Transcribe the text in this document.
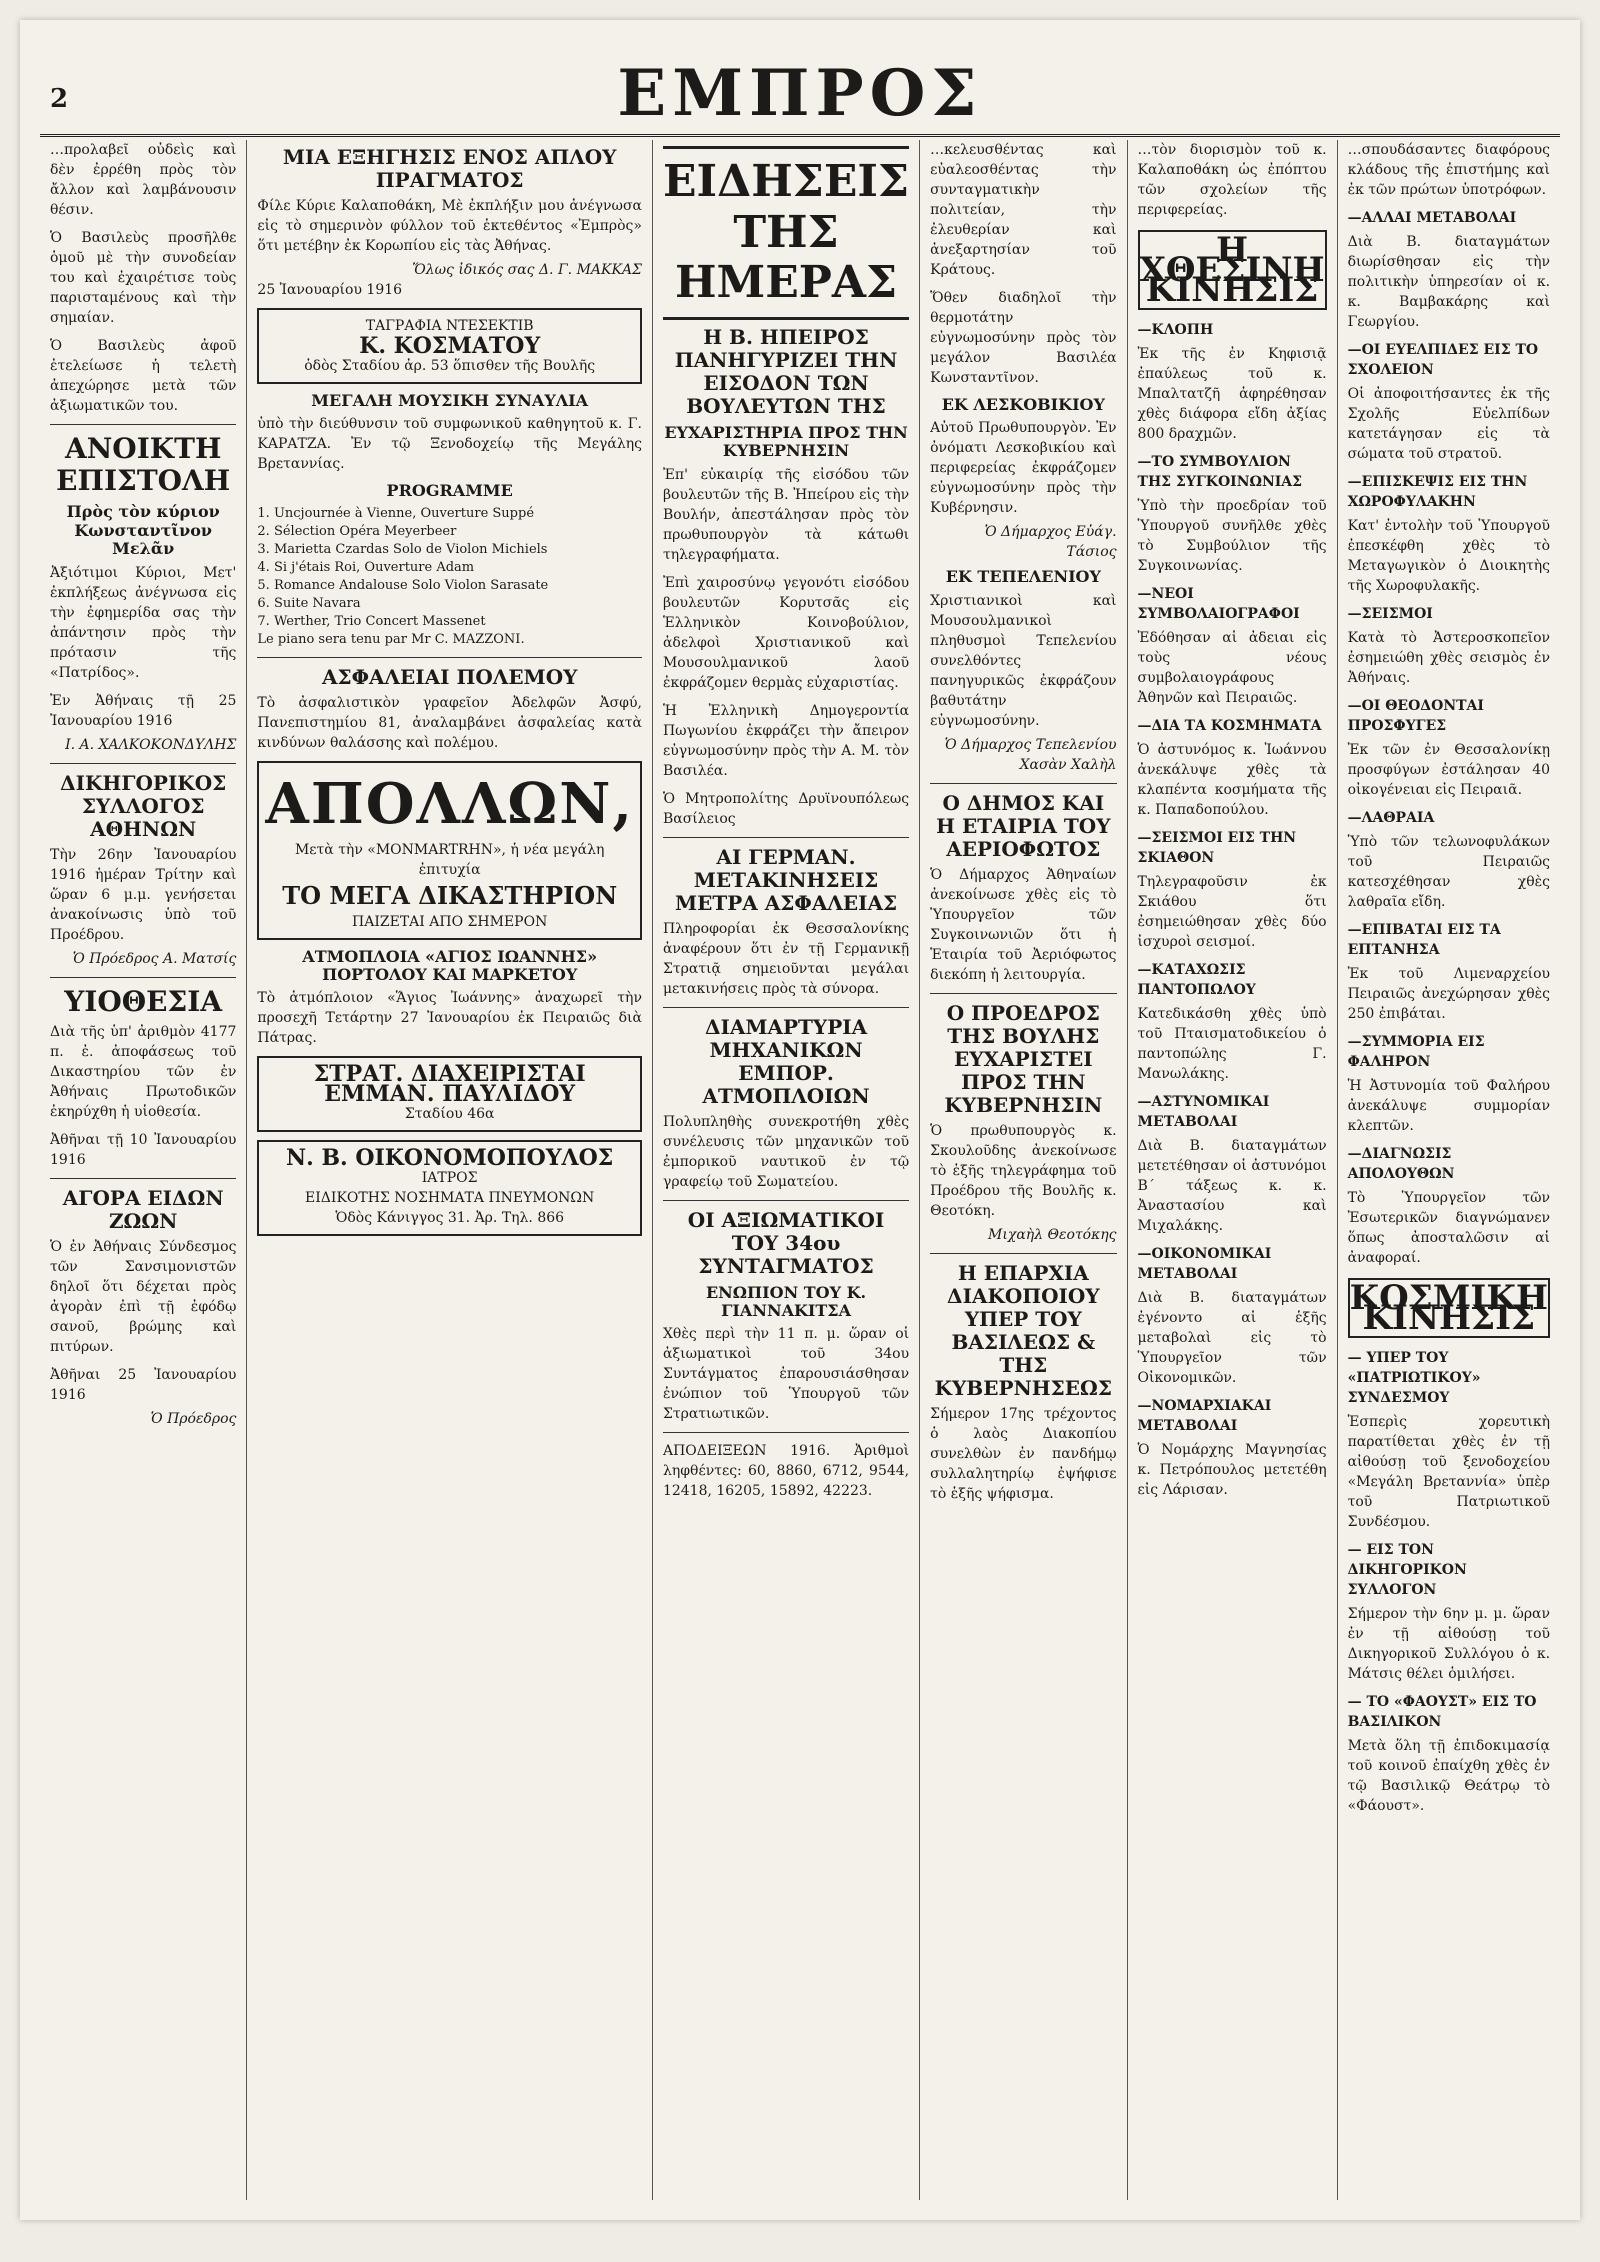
2	ΕΜΠΡΟΣ

…προλαβεῖ οὐδεὶς καὶ δὲν ἐρρέθη πρὸς τὸν ἄλλον καὶ λαμβάνουσιν θέσιν.

Ὁ Βασιλεὺς προσῆλθε ὁμοῦ μὲ τὴν συνοδείαν του καὶ ἐχαιρέτισε τοὺς παρισταμένους καὶ τὴν σημαίαν.

Ὁ Βασιλεὺς ἀφοῦ ἐτελείωσε ἡ τελετὴ ἀπεχώρησε μετὰ τῶν ἀξιωματικῶν του.

ΑΝΟΙΚΤΗ ΕΠΙΣΤΟΛΗ
Πρὸς τὸν κύριον Κωνσταντῖνον Μελᾶν

Ἀξιότιμοι Κύριοι, Μετ' ἐκπλήξεως ἀνέγνωσα εἰς τὴν ἐφημερίδα σας τὴν ἀπάντησιν πρὸς τὴν πρότασιν τῆς «Πατρίδος».

Ἐν Ἀθήναις τῇ 25 Ἰανουαρίου 1916

Ι. Α. ΧΑΛΚΟΚΟΝΔΥΛΗΣ
ΔΙΚΗΓΟΡΙΚΟΣ ΣΥΛΛΟΓΟΣ ΑΘΗΝΩΝ

Τὴν 26ην Ἰανουαρίου 1916 ἡμέραν Τρίτην καὶ ὥραν 6 μ.μ. γενήσεται ἀνακοίνωσις ὑπὸ τοῦ Προέδρου.

Ὁ Πρόεδρος Α. Ματσίς
ΥΙΟΘΕΣΙΑ

Διὰ τῆς ὑπ' ἀριθμὸν 4177 π. ἐ. ἀποφάσεως τοῦ Δικαστηρίου τῶν ἐν Ἀθήναις Πρωτοδικῶν ἐκηρύχθη ἡ υἱοθεσία.

Ἀθῆναι τῇ 10 Ἰανουαρίου 1916

ΑΓΟΡΑ ΕΙΔΩΝ ΖΩΩΝ

Ὁ ἐν Ἀθήναις Σύνδεσμος τῶν Σανσιμονιστῶν δηλοῖ ὅτι δέχεται πρὸς ἀγορὰν ἐπὶ τῇ ἐφόδῳ σανοῦ, βρώμης καὶ πιτύρων.

Ἀθῆναι 25 Ἰανουαρίου 1916

Ὁ Πρόεδρος
ΜΙΑ ΕΞΗΓΗΣΙΣ ΕΝΟΣ ΑΠΛΟΥ ΠΡΑΓΜΑΤΟΣ

Φίλε Κύριε Καλαποθάκη, Μὲ ἐκπλήξιν μου ἀνέγνωσα εἰς τὸ σημερινὸν φύλλον τοῦ ἐκτεθέντος «Ἐμπρὸς» ὅτι μετέβην ἐκ Κορωπίου εἰς τὰς Ἀθήνας.

Ὅλως ἰδικός σας Δ. Γ. ΜΑΚΚΑΣ

25 Ἰανουαρίου 1916

ΤΑΓΡΑΦΙΑ ΝΤΕΣΕΚΤΙΒ
Κ. ΚΟΣΜΑΤΟΥ
ὁδὸς Σταδίου ἀρ. 53 ὅπισθεν τῆς Βουλῆς
ΜΕΓΑΛΗ ΜΟΥΣΙΚΗ ΣΥΝΑΥΛΙΑ

ὑπὸ τὴν διεύθυνσιν τοῦ συμφωνικοῦ καθηγητοῦ κ. Γ. ΚΑΡΑΤΖΑ. Ἐν τῷ Ξενοδοχείῳ τῆς Μεγάλης Βρεταννίας.

PROGRAMME
1. Uncjournée à Vienne, Ouverture Suppé
2. Sélection Opéra Meyerbeer
3. Marietta Czardas Solo de Violon Michiels
4. Si j'étais Roi, Ouverture Adam
5. Romance Andalouse Solo Violon Sarasate
6. Suite Navara
7. Werther, Trio Concert Massenet
Le piano sera tenu par Mr C. MAZZONI.
ΑΣΦΑΛΕΙΑΙ ΠΟΛΕΜΟΥ

Τὸ ἀσφαλιστικὸν γραφεῖον Ἀδελφῶν Ἀσφύ, Πανεπιστημίου 81, ἀναλαμβάνει ἀσφαλείας κατὰ κινδύνων θαλάσσης καὶ πολέμου.

ΑΠΟΛΛΩΝ,
Μετὰ τὴν «MONMARTRHN», ἡ νέα μεγάλη ἐπιτυχία
ΤΟ ΜΕΓΑ ΔΙΚΑΣΤΗΡΙΟΝ
ΠΑΙΖΕΤΑΙ ΑΠΟ ΣΗΜΕΡΟΝ
ΑΤΜΟΠΛΟΙΑ «ΑΓΙΟΣ ΙΩΑΝΝΗΣ» ΠΟΡΤΟΛΟΥ ΚΑΙ ΜΑΡΚΕΤΟΥ

Τὸ ἀτμόπλοιον «Ἅγιος Ἰωάννης» ἀναχωρεῖ τὴν προσεχῆ Τετάρτην 27 Ἰανουαρίου ἐκ Πειραιῶς διὰ Πάτρας.

ΣΤΡΑΤ. ΔΙΑΧΕΙΡΙΣΤΑΙ
ΕΜΜΑΝ. ΠΑΥΛΙΔΟΥ
Σταδίου 46α
Ν. Β. ΟΙΚΟΝΟΜΟΠΟΥΛΟΣ
ΙΑΤΡΟΣ
ΕΙΔΙΚΟΤΗΣ ΝΟΣΗΜΑΤΑ ΠΝΕΥΜΟΝΩΝ
Ὁδὸς Κάνιγγος 31. Ἀρ. Τηλ. 866
ΕΙΔΗΣΕΙΣ ΤΗΣ ΗΜΕΡΑΣ
Η Β. ΗΠΕΙΡΟΣ ΠΑΝΗΓΥΡΙΖΕΙ ΤΗΝ ΕΙΣΟΔΟΝ ΤΩΝ ΒΟΥΛΕΥΤΩΝ ΤΗΣ
ΕΥΧΑΡΙΣΤΗΡΙΑ ΠΡΟΣ ΤΗΝ ΚΥΒΕΡΝΗΣΙΝ

Ἐπ' εὐκαιρίᾳ τῆς εἰσόδου τῶν βουλευτῶν τῆς Β. Ἠπείρου εἰς τὴν Βουλήν, ἀπεστάλησαν πρὸς τὸν πρωθυπουργὸν τὰ κάτωθι τηλεγραφήματα.

Ἐπὶ χαιροσύνῳ γεγονότι εἰσόδου βουλευτῶν Κορυτσᾶς εἰς Ἑλληνικὸν Κοινοβούλιον, ἀδελφοὶ Χριστιανικοῦ καὶ Μουσουλμανικοῦ λαοῦ ἐκφράζομεν θερμὰς εὐχαριστίας.

Ἡ Ἐλληνικὴ Δημογεροντία Πωγωνίου ἐκφράζει τὴν ἄπειρον εὐγνωμοσύνην πρὸς τὴν Α. Μ. τὸν Βασιλέα.

Ὁ Μητροπολίτης Δρυϊνουπόλεως Βασίλειος

ΑΙ ΓΕΡΜΑΝ. ΜΕΤΑΚΙΝΗΣΕΙΣ ΜΕΤΡΑ ΑΣΦΑΛΕΙΑΣ

Πληροφορίαι ἐκ Θεσσαλονίκης ἀναφέρουν ὅτι ἐν τῇ Γερμανικῇ Στρατιᾷ σημειοῦνται μεγάλαι μετακινήσεις πρὸς τὰ σύνορα.

ΔΙΑΜΑΡΤΥΡΙΑ ΜΗΧΑΝΙΚΩΝ ΕΜΠΟΡ. ΑΤΜΟΠΛΟΙΩΝ

Πολυπληθὴς συνεκροτήθη χθὲς συνέλευσις τῶν μηχανικῶν τοῦ ἐμπορικοῦ ναυτικοῦ ἐν τῷ γραφείῳ τοῦ Σωματείου.

ΟΙ ΑΞΙΩΜΑΤΙΚΟΙ ΤΟΥ 34ου ΣΥΝΤΑΓΜΑΤΟΣ
ΕΝΩΠΙΟΝ ΤΟΥ Κ. ΓΙΑΝΝΑΚΙΤΣΑ

Χθὲς περὶ τὴν 11 π. μ. ὥραν οἱ ἀξιωματικοὶ τοῦ 34ου Συντάγματος ἐπαρουσιάσθησαν ἐνώπιον τοῦ Ὑπουργοῦ τῶν Στρατιωτικῶν.

ΑΠΟΔΕΙΞΕΩΝ 1916. Ἀριθμοὶ ληφθέντες: 60, 8860, 6712, 9544, 12418, 16205, 15892, 42223.

…κελευσθέντας καὶ εὐαλεοσθέντας τὴν συνταγματικὴν πολιτείαν, τὴν ἐλευθερίαν καὶ ἀνεξαρτησίαν τοῦ Κράτους.

Ὅθεν διαδηλοῖ τὴν θερμοτάτην εὐγνωμοσύνην πρὸς τὸν μεγάλον Βασιλέα Κωνσταντῖνον.

ΕΚ ΛΕΣΚΟΒΙΚΙΟΥ

Αὐτοῦ Πρωθυπουργὸν. Ἐν ὀνόματι Λεσκοβικίου καὶ περιφερείας ἐκφράζομεν εὐγνωμοσύνην πρὸς τὴν Κυβέρνησιν.

Ὁ Δήμαρχος Εὐάγ. Τάσιος
ΕΚ ΤΕΠΕΛΕΝΙΟΥ

Χριστιανικοὶ καὶ Μουσουλμανικοὶ πληθυσμοὶ Τεπελενίου συνελθόντες πανηγυρικῶς ἐκφράζουν βαθυτάτην εὐγνωμοσύνην.

Ὁ Δήμαρχος Τεπελενίου Χασὰν Χαλὴλ
Ο ΔΗΜΟΣ ΚΑΙ Η ΕΤΑΙΡΙΑ ΤΟΥ ΑΕΡΙΟΦΩΤΟΣ

Ὁ Δήμαρχος Ἀθηναίων ἀνεκοίνωσε χθὲς εἰς τὸ Ὑπουργεῖον τῶν Συγκοινωνιῶν ὅτι ἡ Ἑταιρία τοῦ Ἀεριόφωτος διεκόπη ἡ λειτουργία.

Ο ΠΡΟΕΔΡΟΣ ΤΗΣ ΒΟΥΛΗΣ ΕΥΧΑΡΙΣΤΕΙ ΠΡΟΣ ΤΗΝ ΚΥΒΕΡΝΗΣΙΝ

Ὁ πρωθυπουργὸς κ. Σκουλοῦδης ἀνεκοίνωσε τὸ ἑξῆς τηλεγράφημα τοῦ Προέδρου τῆς Βουλῆς κ. Θεοτόκη.

Μιχαὴλ Θεοτόκης
Η ΕΠΑΡΧΙΑ ΔΙΑΚΟΠΟΙΟΥ ΥΠΕΡ ΤΟΥ ΒΑΣΙΛΕΩΣ & ΤΗΣ ΚΥΒΕΡΝΗΣΕΩΣ

Σήμερον 17ης τρέχοντος ὁ λαὸς Διακοπίου συνελθὼν ἐν πανδήμῳ συλλαλητηρίῳ ἐψήφισε τὸ ἑξῆς ψήφισμα.

…τὸν διορισμὸν τοῦ κ. Καλαποθάκη ὡς ἐπόπτου τῶν σχολείων τῆς περιφερείας.

Η ΧΘΕΣΙΝΗ ΚΙΝΗΣΙΣ
—ΚΛΟΠΗ

Ἐκ τῆς ἐν Κηφισιᾷ ἐπαύλεως τοῦ κ. Μπαλτατζῆ ἀφηρέθησαν χθὲς διάφορα εἴδη ἀξίας 800 δραχμῶν.

—ΤΟ ΣΥΜΒΟΥΛΙΟΝ ΤΗΣ ΣΥΓΚΟΙΝΩΝΙΑΣ

Ὑπὸ τὴν προεδρίαν τοῦ Ὑπουργοῦ συνῆλθε χθὲς τὸ Συμβούλιον τῆς Συγκοινωνίας.

—ΝΕΟΙ ΣΥΜΒΟΛΑΙΟΓΡΑΦΟΙ

Ἐδόθησαν αἱ ἀδειαι εἰς τοὺς νέους συμβολαιογράφους Ἀθηνῶν καὶ Πειραιῶς.

—ΔΙΑ ΤΑ ΚΟΣΜΗΜΑΤΑ

Ὁ ἀστυνόμος κ. Ἰωάννου ἀνεκάλυψε χθὲς τὰ κλαπέντα κοσμήματα τῆς κ. Παπαδοπούλου.

—ΣΕΙΣΜΟΙ ΕΙΣ ΤΗΝ ΣΚΙΑΘΟΝ

Τηλεγραφοῦσιν ἐκ Σκιάθου ὅτι ἐσημειώθησαν χθὲς δύο ἰσχυροὶ σεισμοί.

—ΚΑΤΑΧΩΣΙΣ ΠΑΝΤΟΠΩΛΟΥ

Κατεδικάσθη χθὲς ὑπὸ τοῦ Πταισματοδικείου ὁ παντοπώλης Γ. Μανωλάκης.

—ΑΣΤΥΝΟΜΙΚΑΙ ΜΕΤΑΒΟΛΑΙ

Διὰ Β. διαταγμάτων μετετέθησαν οἱ ἀστυνόμοι Β΄ τάξεως κ. κ. Ἀναστασίου καὶ Μιχαλάκης.

—ΟΙΚΟΝΟΜΙΚΑΙ ΜΕΤΑΒΟΛΑΙ

Διὰ Β. διαταγμάτων ἐγένοντο αἱ ἑξῆς μεταβολαὶ εἰς τὸ Ὑπουργεῖον τῶν Οἰκονομικῶν.

—ΝΟΜΑΡΧΙΑΚΑΙ ΜΕΤΑΒΟΛΑΙ

Ὁ Νομάρχης Μαγνησίας κ. Πετρόπουλος μετετέθη εἰς Λάρισαν.

…σπουδάσαντες διαφόρους κλάδους τῆς ἐπιστήμης καὶ ἐκ τῶν πρώτων ὑποτρόφων.

—ΑΛΛΑΙ ΜΕΤΑΒΟΛΑΙ

Διὰ Β. διαταγμάτων διωρίσθησαν εἰς τὴν πολιτικὴν ὑπηρεσίαν οἱ κ. κ. Βαμβακάρης καὶ Γεωργίου.

—ΟΙ ΕΥΕΛΠΙΔΕΣ ΕΙΣ ΤΟ ΣΧΟΛΕΙΟΝ

Οἱ ἀποφοιτήσαντες ἐκ τῆς Σχολῆς Εὐελπίδων κατετάγησαν εἰς τὰ σώματα τοῦ στρατοῦ.

—ΕΠΙΣΚΕΨΙΣ ΕΙΣ ΤΗΝ ΧΩΡΟΦΥΛΑΚΗΝ

Κατ' ἐντολὴν τοῦ Ὑπουργοῦ ἐπεσκέφθη χθὲς τὸ Μεταγωγικὸν ὁ Διοικητὴς τῆς Χωροφυλακῆς.

—ΣΕΙΣΜΟΙ

Κατὰ τὸ Ἀστεροσκοπεῖον ἐσημειώθη χθὲς σεισμὸς ἐν Ἀθήναις.

—ΟΙ ΘΕΟΔΟΝΤΑΙ ΠΡΟΣΦΥΓΕΣ

Ἐκ τῶν ἐν Θεσσαλονίκῃ προσφύγων ἐστάλησαν 40 οἰκογένειαι εἰς Πειραιᾶ.

—ΛΑΘΡΑΙΑ

Ὑπὸ τῶν τελωνοφυλάκων τοῦ Πειραιῶς κατεσχέθησαν χθὲς λαθραῖα εἴδη.

—ΕΠΙΒΑΤΑΙ ΕΙΣ ΤΑ ΕΠΤΑΝΗΣΑ

Ἐκ τοῦ Λιμεναρχείου Πειραιῶς ἀνεχώρησαν χθὲς 250 ἐπιβάται.

—ΣΥΜΜΟΡΙΑ ΕΙΣ ΦΑΛΗΡΟΝ

Ἡ Ἀστυνομία τοῦ Φαλήρου ἀνεκάλυψε συμμορίαν κλεπτῶν.

—ΔΙΑΓΝΩΣΙΣ ΑΠΟΛΟΥΘΩΝ

Τὸ Ὑπουργεῖον τῶν Ἐσωτερικῶν διαγνώμανεν ὅπως ἀποσταλῶσιν αἱ ἀναφοραί.

ΚΟΣΜΙΚΗ ΚΙΝΗΣΙΣ
— ΥΠΕΡ ΤΟΥ «ΠΑΤΡΙΩΤΙΚΟΥ» ΣΥΝΔΕΣΜΟΥ

Ἑσπερὶς χορευτικὴ παρατίθεται χθὲς ἐν τῇ αἰθούσῃ τοῦ ξενοδοχείου «Μεγάλη Βρεταννία» ὑπὲρ τοῦ Πατριωτικοῦ Συνδέσμου.

— ΕΙΣ ΤΟΝ ΔΙΚΗΓΟΡΙΚΟΝ ΣΥΛΛΟΓΟΝ

Σήμερον τὴν 6ην μ. μ. ὥραν ἐν τῇ αἰθούσῃ τοῦ Δικηγορικοῦ Συλλόγου ὁ κ. Μάτσις θέλει ὁμιλήσει.

— ΤΟ «ΦΑΟΥΣΤ» ΕΙΣ ΤΟ ΒΑΣΙΛΙΚΟΝ

Μετὰ ὅλη τῇ ἐπιδοκιμασίᾳ τοῦ κοινοῦ ἐπαίχθη χθὲς ἐν τῷ Βασιλικῷ Θεάτρῳ τὸ «Φάουστ».
